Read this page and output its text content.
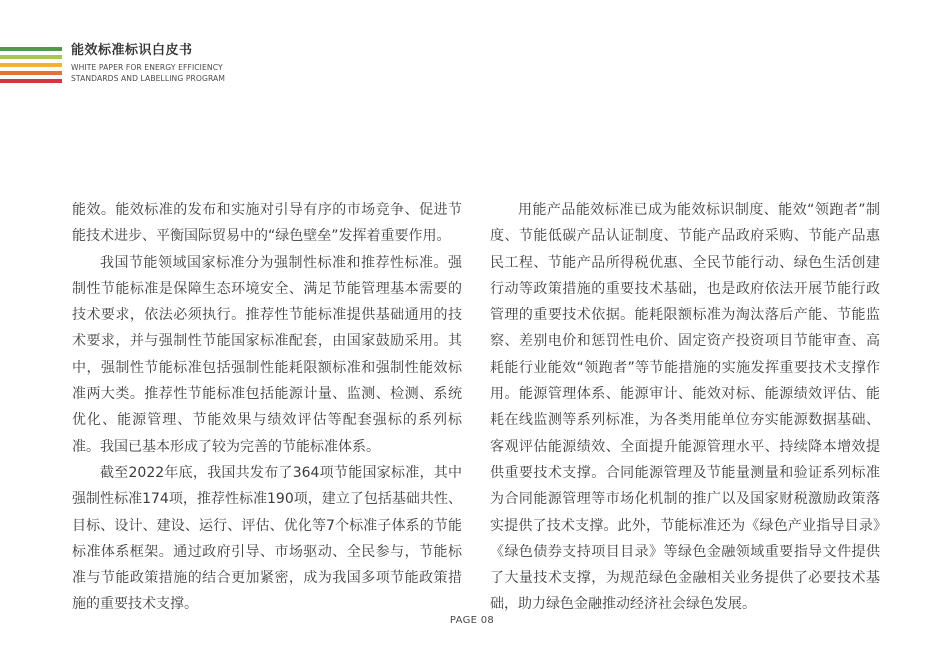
能效标准标识白皮书
WHITE PAPER FOR ENERGY EFFICIENCY
STANDARDS AND LABELLING PROGRAM

能效。能效标准的发布和实施对引导有序的市场竞争、促进节能技术进步、平衡国际贸易中的“绿色壁垒”发挥着重要作用。

我国节能领域国家标准分为强制性标准和推荐性标准。强制性节能标准是保障生态环境安全、满足节能管理基本需要的技术要求，依法必须执行。推荐性节能标准提供基础通用的技术要求，并与强制性节能国家标准配套，由国家鼓励采用。其中，强制性节能标准包括强制性能耗限额标准和强制性能效标准两大类。推荐性节能标准包括能源计量、监测、检测、系统优化、能源管理、节能效果与绩效评估等配套强标的系列标准。我国已基本形成了较为完善的节能标准体系。

截至2022年底，我国共发布了364项节能国家标准，其中强制性标准174项，推荐性标准190项，建立了包括基础共性、目标、设计、建设、运行、评估、优化等7个标准子体系的节能标准体系框架。通过政府引导、市场驱动、全民参与，节能标准与节能政策措施的结合更加紧密，成为我国多项节能政策措施的重要技术支撑。

用能产品能效标准已成为能效标识制度、能效“领跑者”制度、节能低碳产品认证制度、节能产品政府采购、节能产品惠民工程、节能产品所得税优惠、全民节能行动、绿色生活创建行动等政策措施的重要技术基础，也是政府依法开展节能行政管理的重要技术依据。能耗限额标准为淘汰落后产能、节能监察、差别电价和惩罚性电价、固定资产投资项目节能审查、高耗能行业能效“领跑者”等节能措施的实施发挥重要技术支撑作用。能源管理体系、能源审计、能效对标、能源绩效评估、能耗在线监测等系列标准，为各类用能单位夯实能源数据基础、客观评估能源绩效、全面提升能源管理水平、持续降本增效提供重要技术支撑。合同能源管理及节能量测量和验证系列标准为合同能源管理等市场化机制的推广以及国家财税激励政策落实提供了技术支撑。此外，节能标准还为《绿色产业指导目录》《绿色债券支持项目目录》等绿色金融领域重要指导文件提供了大量技术支撑，为规范绿色金融相关业务提供了必要技术基础，助力绿色金融推动经济社会绿色发展。

PAGE 08
